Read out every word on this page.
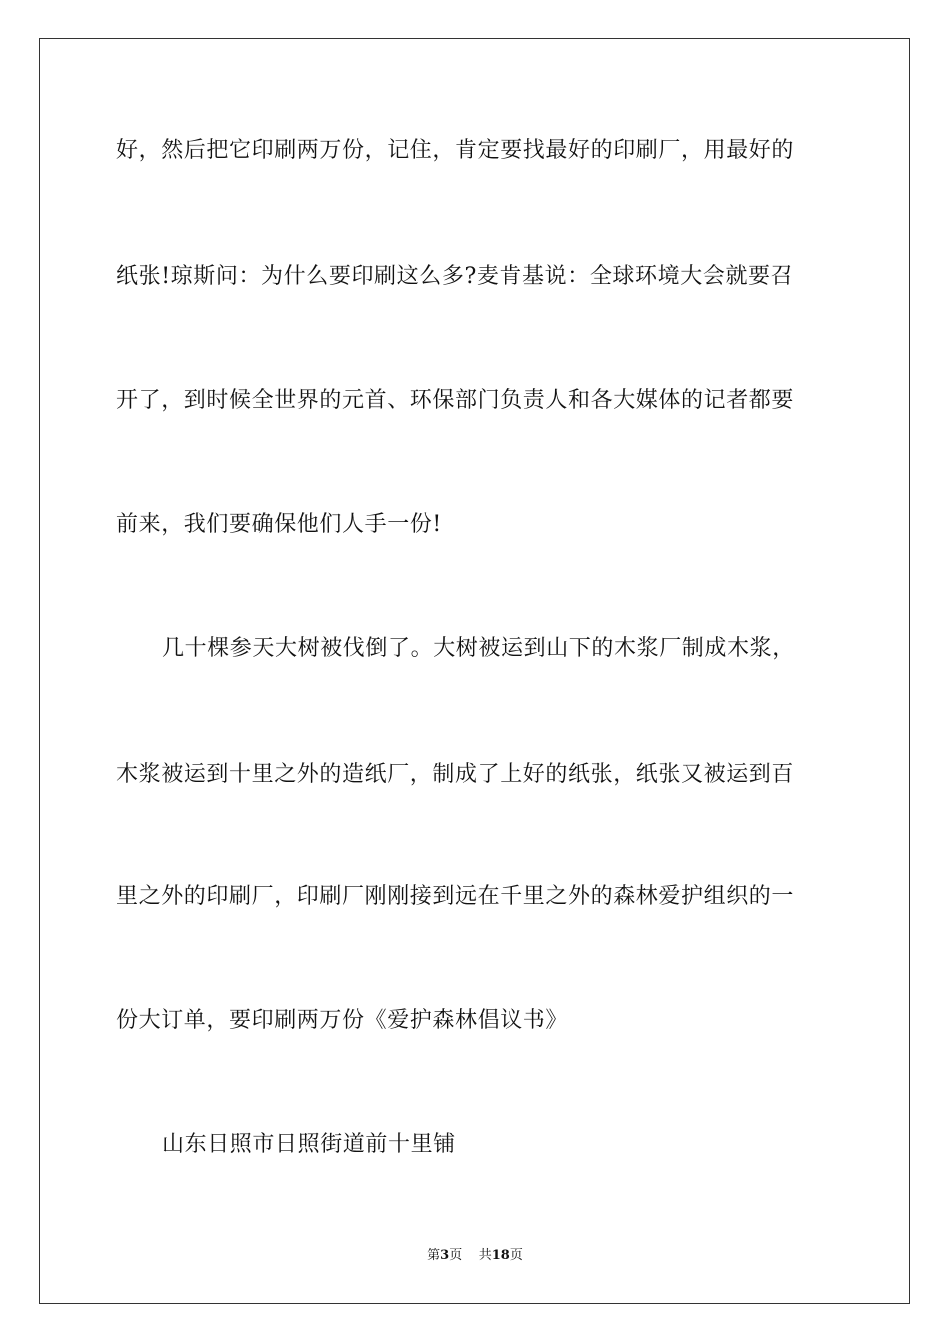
好，然后把它印刷两万份，记住，肯定要找最好的印刷厂，用最好的
纸张!琼斯问：为什么要印刷这么多?麦肯基说：全球环境大会就要召
开了，到时候全世界的元首、环保部门负责人和各大媒体的记者都要
前来，我们要确保他们人手一份!
几十棵参天大树被伐倒了。大树被运到山下的木浆厂制成木浆，
木浆被运到十里之外的造纸厂，制成了上好的纸张，纸张又被运到百
里之外的印刷厂，印刷厂刚刚接到远在千里之外的森林爱护组织的一
份大订单，要印刷两万份《爱护森林倡议书》
山东日照市日照街道前十里铺
第3页 共18页
